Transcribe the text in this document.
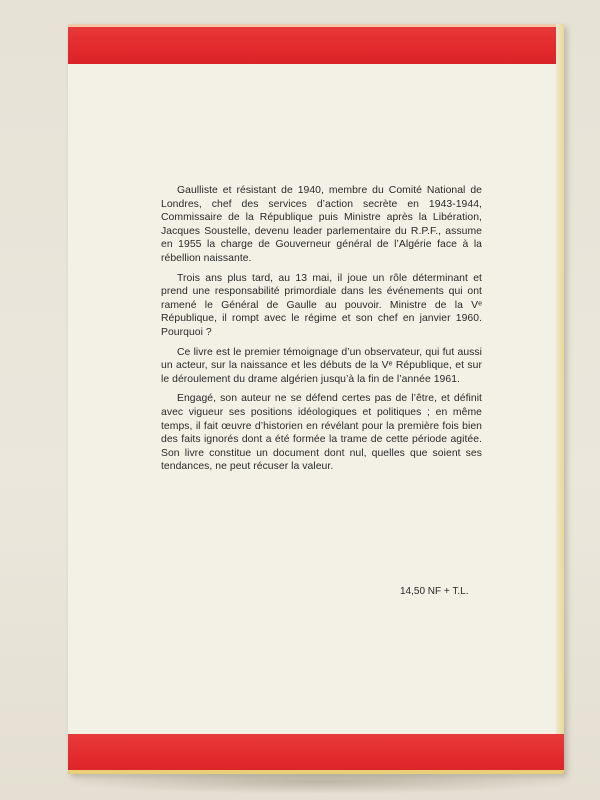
Gaulliste et résistant de 1940, membre du Comité National de Londres, chef des services d’action secrète en 1943-1944, Commissaire de la République puis Ministre après la Libération, Jacques Soustelle, devenu leader parlementaire du R.P.F., assume en 1955 la charge de Gouverneur général de l’Algérie face à la rébellion naissante.

Trois ans plus tard, au 13 mai, il joue un rôle déterminant et prend une responsabilité primordiale dans les événements qui ont ramené le Général de Gaulle au pouvoir. Ministre de la Vᵉ République, il rompt avec le régime et son chef en janvier 1960. Pourquoi ?

Ce livre est le premier témoignage d’un observateur, qui fut aussi un acteur, sur la naissance et les débuts de la Vᵉ République, et sur le déroulement du drame algérien jusqu’à la fin de l’année 1961.

Engagé, son auteur ne se défend certes pas de l’être, et définit avec vigueur ses positions idéologiques et politiques ; en même temps, il fait œuvre d’historien en révélant pour la première fois bien des faits ignorés dont a été formée la trame de cette période agitée. Son livre constitue un document dont nul, quelles que soient ses tendances, ne peut récuser la valeur.

14,50 NF + T.L.
